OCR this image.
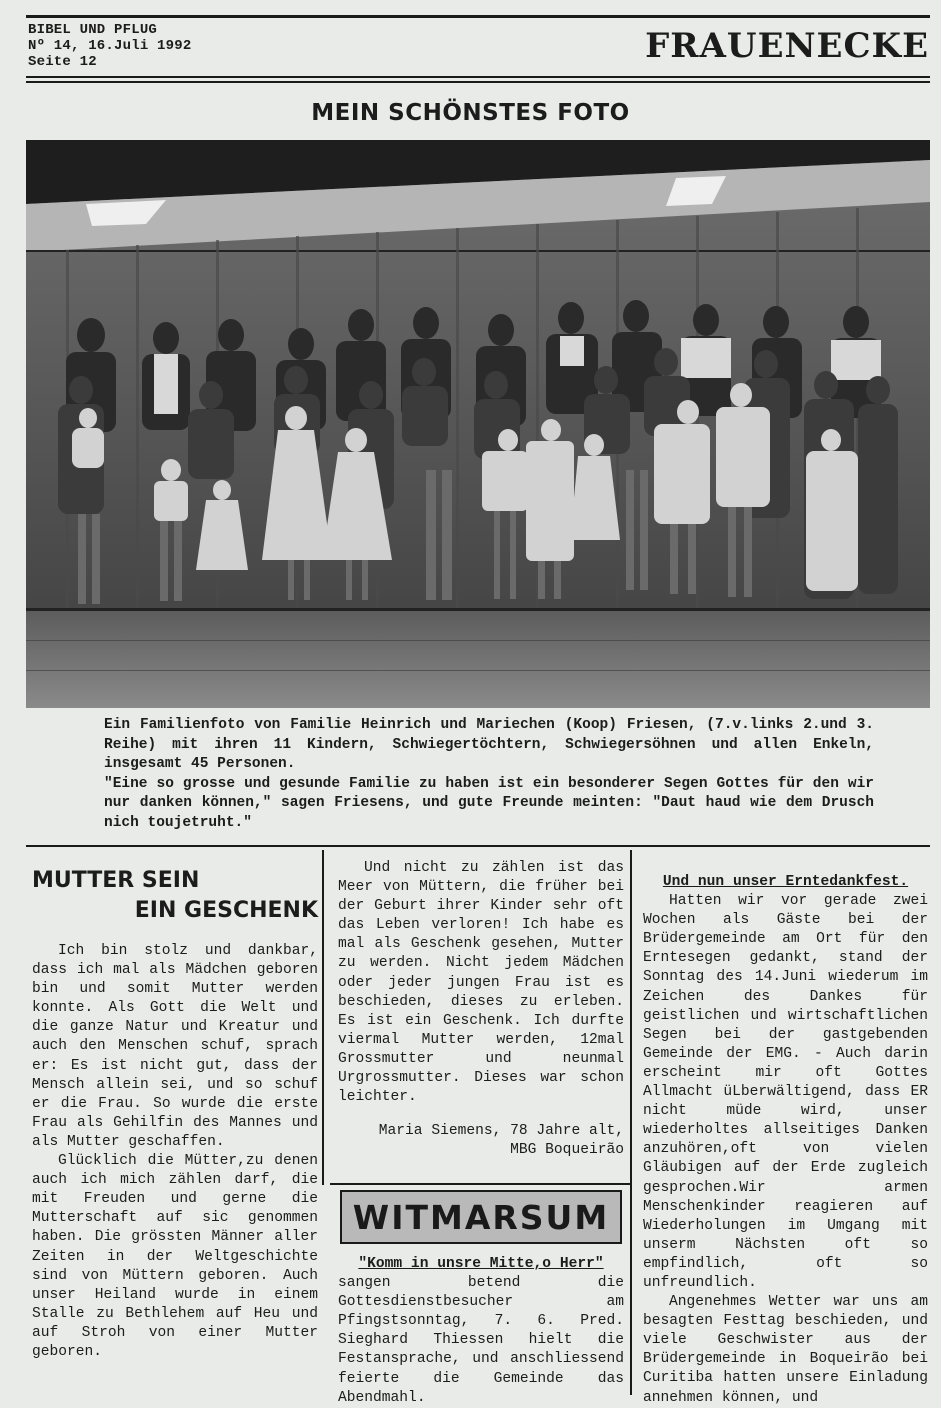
BIBEL UND PFLUG
Nº 14, 16.Juli 1992
Seite 12	FRAUENECKE
MEIN SCHÖNSTES FOTO

Ein Familienfoto von Familie Heinrich und Mariechen (Koop) Friesen, (7.v.links 2.und 3. Reihe) mit ihren 11 Kindern, Schwiegertöchtern, Schwiegersöhnen und allen Enkeln, insgesamt 45 Personen.

"Eine so grosse und gesunde Familie zu haben ist ein besonderer Segen Gottes für den wir nur danken können," sagen Friesens, und gute Freunde meinten: "Daut haud wie dem Drusch nich toujetruht."

MUTTER SEIN
EIN GESCHENK

Ich bin stolz und dankbar, dass ich mal als Mädchen geboren bin und somit Mutter werden konnte. Als Gott die Welt und die ganze Natur und Kreatur und auch den Menschen schuf, sprach er: Es ist nicht gut, dass der Mensch allein sei, und so schuf er die Frau. So wurde die erste Frau als Gehilfin des Mannes und als Mutter geschaffen.

Glücklich die Mütter,zu denen auch ich mich zählen darf, die mit Freuden und gerne die Mutterschaft auf sic genommen haben. Die grössten Männer aller Zeiten in der Weltgeschichte sind von Müttern geboren. Auch unser Heiland wurde in einem Stalle zu Bethlehem auf Heu und auf Stroh von einer Mutter geboren.

Und nicht zu zählen ist das Meer von Müttern, die früher bei der Geburt ihrer Kinder sehr oft das Leben verloren! Ich habe es mal als Geschenk gesehen, Mutter zu werden. Nicht jedem Mädchen oder jeder jungen Frau ist es beschieden, dieses zu erleben. Es ist ein Geschenk. Ich durfte viermal Mutter werden, 12mal Grossmutter und neunmal Urgrossmutter. Dieses war schon leichter.

Maria Siemens, 78 Jahre alt,
MBG Boqueirão
WITMARSUM
"Komm in unsre Mitte,o Herr"

sangen betend die Gottesdienstbesucher am Pfingstsonntag, 7. 6. Pred. Sieghard Thiessen hielt die Festansprache, und anschliessend feierte die Gemeinde das Abendmahl.

Und nun unser Erntedankfest.

Hatten wir vor gerade zwei Wochen als Gäste bei der Brüdergemeinde am Ort für den Erntesegen gedankt, stand der Sonntag des 14.Juni wiederum im Zeichen des Dankes für geistlichen und wirtschaftlichen Segen bei der gastgebenden Gemeinde der EMG. - Auch darin erscheint mir oft Gottes Allmacht üLberwältigend, dass ER nicht müde wird, unser wiederholtes allseitiges Danken anzuhören,oft von vielen Gläubigen auf der Erde zugleich gesprochen.Wir armen Menschenkinder reagieren auf Wiederholungen im Umgang mit unserm Nächsten oft so empfindlich, oft so unfreundlich.

Angenehmes Wetter war uns am besagten Festtag beschieden, und viele Geschwister aus der Brüdergemeinde in Boqueirão bei Curitiba hatten unsere Einladung annehmen können, und
